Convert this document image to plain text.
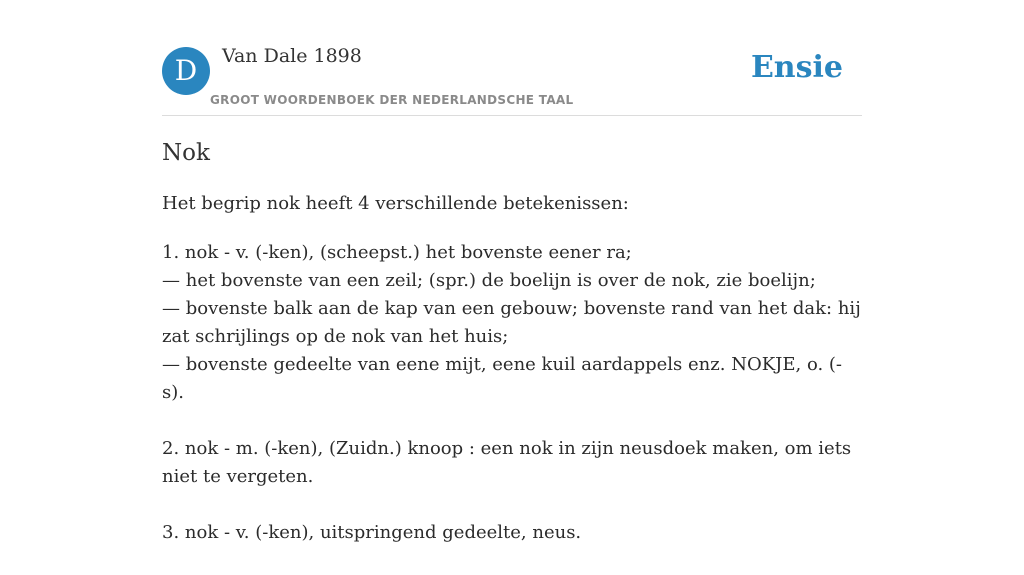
D	Van Dale 1898
GROOT WOORDENBOEK DER NEDERLANDSCHE TAAL
Ensie
Nok
Het begrip nok heeft 4 verschillende betekenissen:
1. nok - v. (-ken), (scheepst.) het bovenste eener ra;
— het bovenste van een zeil; (spr.) de boelijn is over de nok, zie boelijn;
— bovenste balk aan de kap van een gebouw; bovenste rand van het dak: hij zat schrijlings op de nok van het huis;
— bovenste gedeelte van eene mijt, eene kuil aardappels enz. NOKJE, o. (-s).
2. nok - m. (-ken), (Zuidn.) knoop : een nok in zijn neusdoek maken, om iets niet te vergeten.
3. nok - v. (-ken), uitspringend gedeelte, neus.
